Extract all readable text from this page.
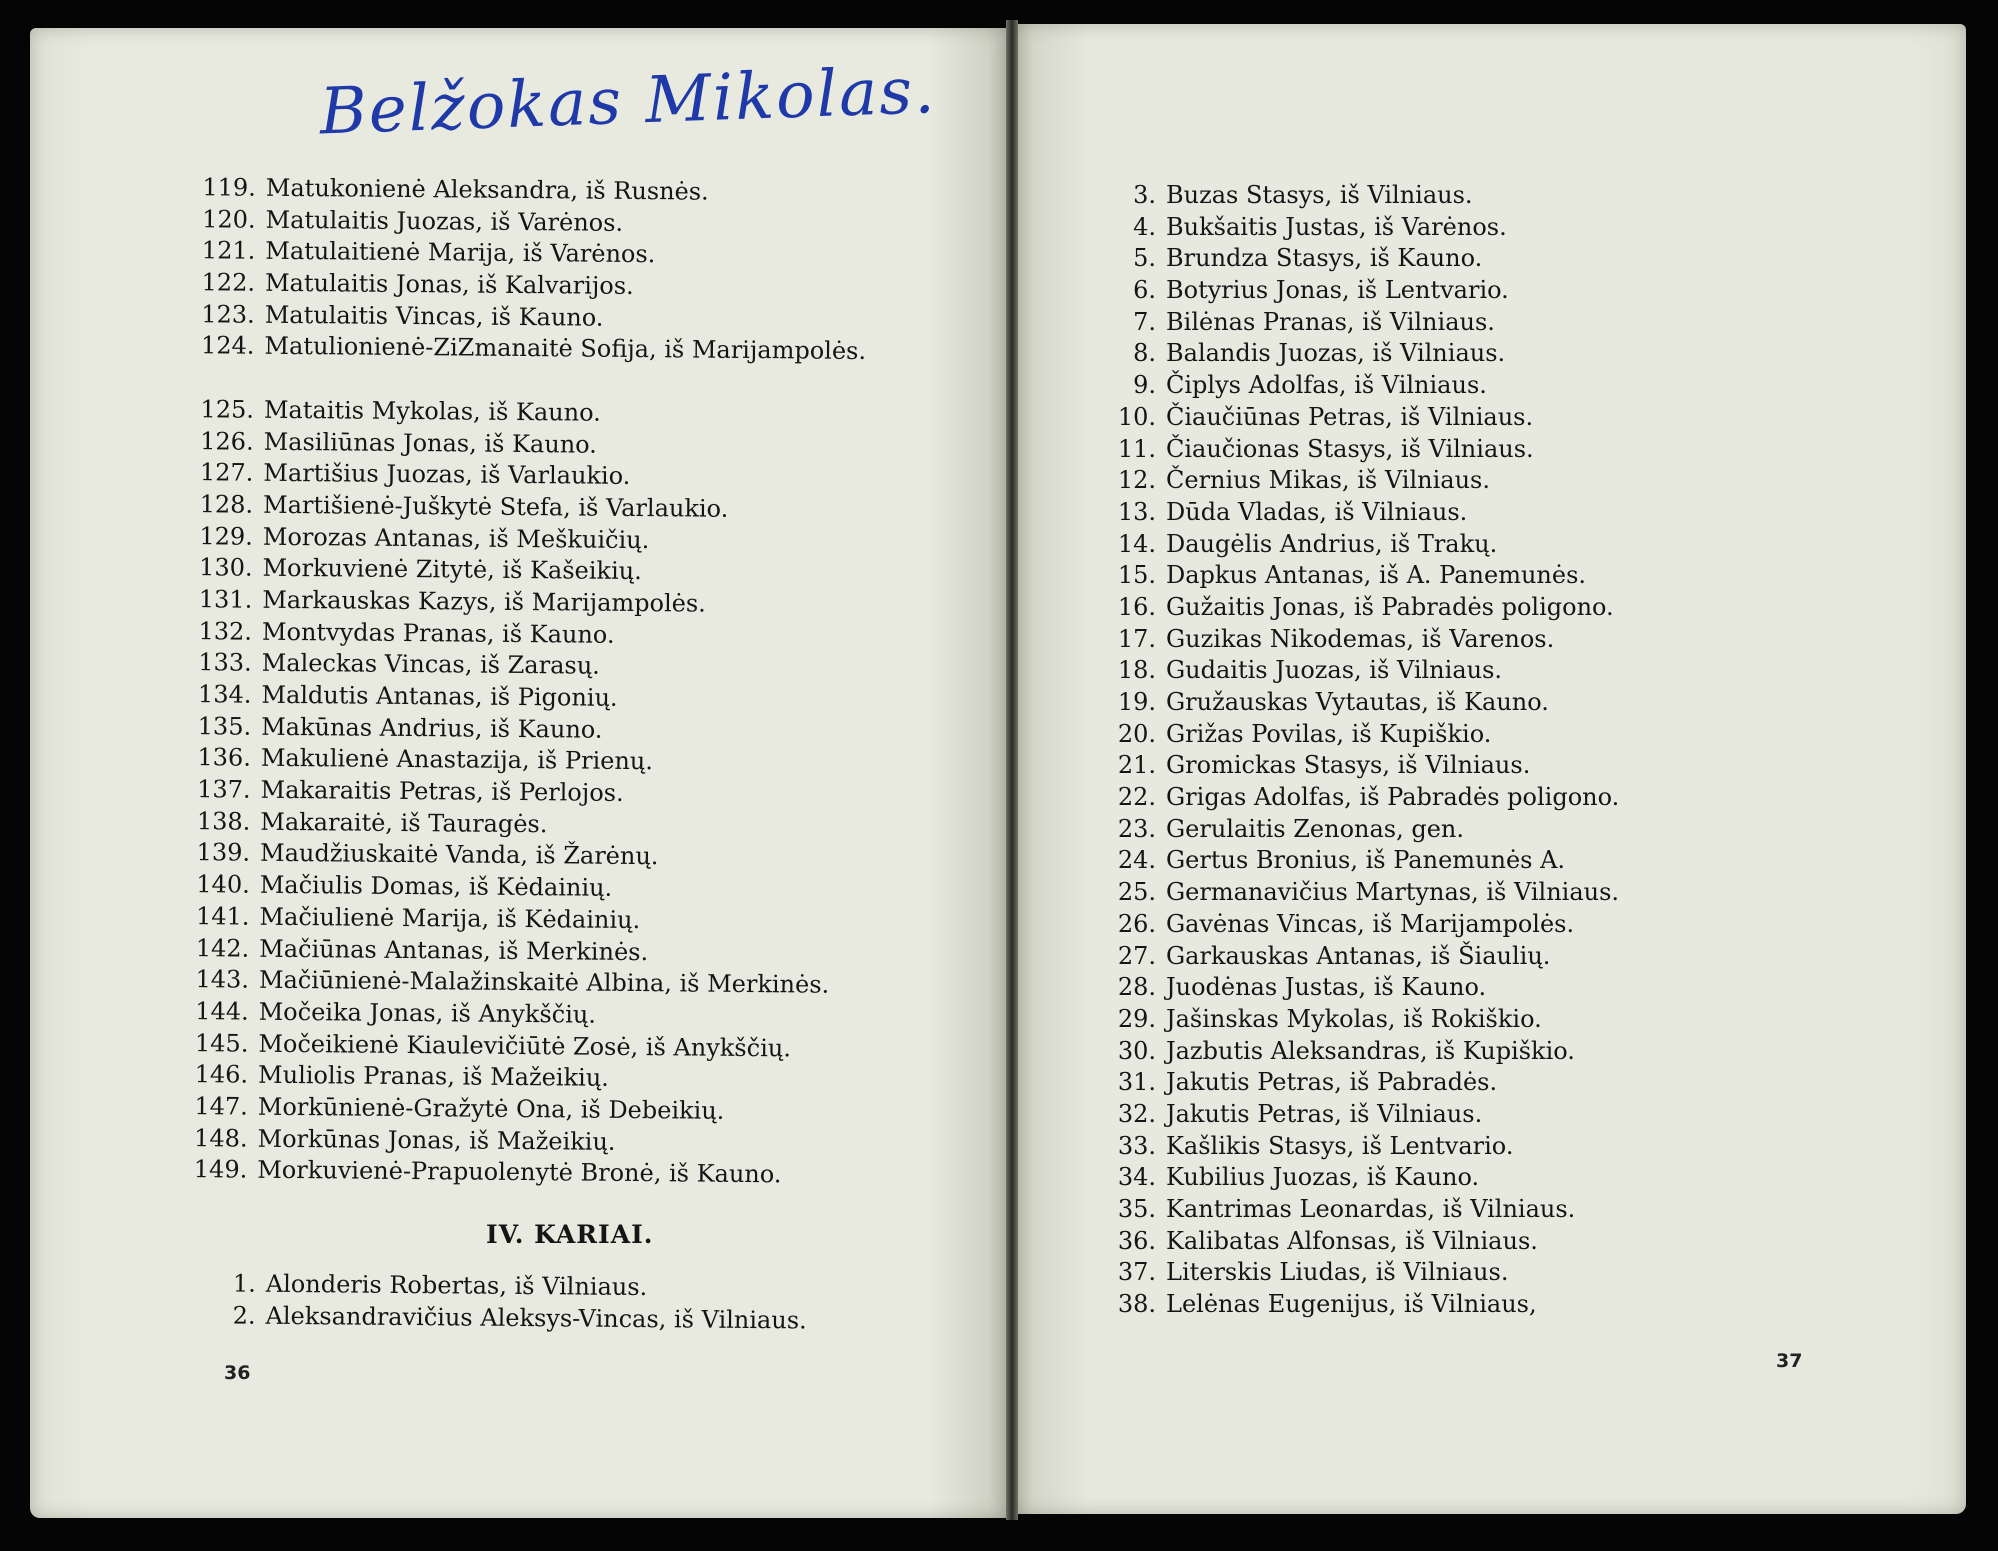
Belžokas Mikolas.
119. Matukonienė Aleksandra, iš Rusnės.
120. Matulaitis Juozas, iš Varėnos.
121. Matulaitienė Marija, iš Varėnos.
122. Matulaitis Jonas, iš Kalvarijos.
123. Matulaitis Vincas, iš Kauno.
124. Matulionienė-ZiZmanaitė Sofija, iš Marijampolės.
125. Mataitis Mykolas, iš Kauno.
126. Masiliūnas Jonas, iš Kauno.
127. Martišius Juozas, iš Varlaukio.
128. Martišienė-Juškytė Stefa, iš Varlaukio.
129. Morozas Antanas, iš Meškuičių.
130. Morkuvienė Zitytė, iš Kašeikių.
131. Markauskas Kazys, iš Marijampolės.
132. Montvydas Pranas, iš Kauno.
133. Maleckas Vincas, iš Zarasų.
134. Maldutis Antanas, iš Pigonių.
135. Makūnas Andrius, iš Kauno.
136. Makulienė Anastazija, iš Prienų.
137. Makaraitis Petras, iš Perlojos.
138. Makaraitė, iš Tauragės.
139. Maudžiuskaitė Vanda, iš Žarėnų.
140. Mačiulis Domas, iš Kėdainių.
141. Mačiulienė Marija, iš Kėdainių.
142. Mačiūnas Antanas, iš Merkinės.
143. Mačiūnienė-Malažinskaitė Albina, iš Merkinės.
144. Močeika Jonas, iš Anykščių.
145. Močeikienė Kiaulevičiūtė Zosė, iš Anykščių.
146. Muliolis Pranas, iš Mažeikių.
147. Morkūnienė-Gražytė Ona, iš Debeikių.
148. Morkūnas Jonas, iš Mažeikių.
149. Morkuvienė-Prapuolenytė Bronė, iš Kauno.
IV. KARIAI.
1. Alonderis Robertas, iš Vilniaus.
2. Aleksandravičius Aleksys-Vincas, iš Vilniaus.
36
3. Buzas Stasys, iš Vilniaus.
4. Bukšaitis Justas, iš Varėnos.
5. Brundza Stasys, iš Kauno.
6. Botyrius Jonas, iš Lentvario.
7. Bilėnas Pranas, iš Vilniaus.
8. Balandis Juozas, iš Vilniaus.
9. Čiplys Adolfas, iš Vilniaus.
10. Čiaučiūnas Petras, iš Vilniaus.
11. Čiaučionas Stasys, iš Vilniaus.
12. Černius Mikas, iš Vilniaus.
13. Dūda Vladas, iš Vilniaus.
14. Daugėlis Andrius, iš Trakų.
15. Dapkus Antanas, iš A. Panemunės.
16. Gužaitis Jonas, iš Pabradės poligono.
17. Guzikas Nikodemas, iš Varenos.
18. Gudaitis Juozas, iš Vilniaus.
19. Gružauskas Vytautas, iš Kauno.
20. Grižas Povilas, iš Kupiškio.
21. Gromickas Stasys, iš Vilniaus.
22. Grigas Adolfas, iš Pabradės poligono.
23. Gerulaitis Zenonas, gen.
24. Gertus Bronius, iš Panemunės A.
25. Germanavičius Martynas, iš Vilniaus.
26. Gavėnas Vincas, iš Marijampolės.
27. Garkauskas Antanas, iš Šiaulių.
28. Juodėnas Justas, iš Kauno.
29. Jašinskas Mykolas, iš Rokiškio.
30. Jazbutis Aleksandras, iš Kupiškio.
31. Jakutis Petras, iš Pabradės.
32. Jakutis Petras, iš Vilniaus.
33. Kašlikis Stasys, iš Lentvario.
34. Kubilius Juozas, iš Kauno.
35. Kantrimas Leonardas, iš Vilniaus.
36. Kalibatas Alfonsas, iš Vilniaus.
37. Literskis Liudas, iš Vilniaus.
38. Lelėnas Eugenijus, iš Vilniaus,
37
